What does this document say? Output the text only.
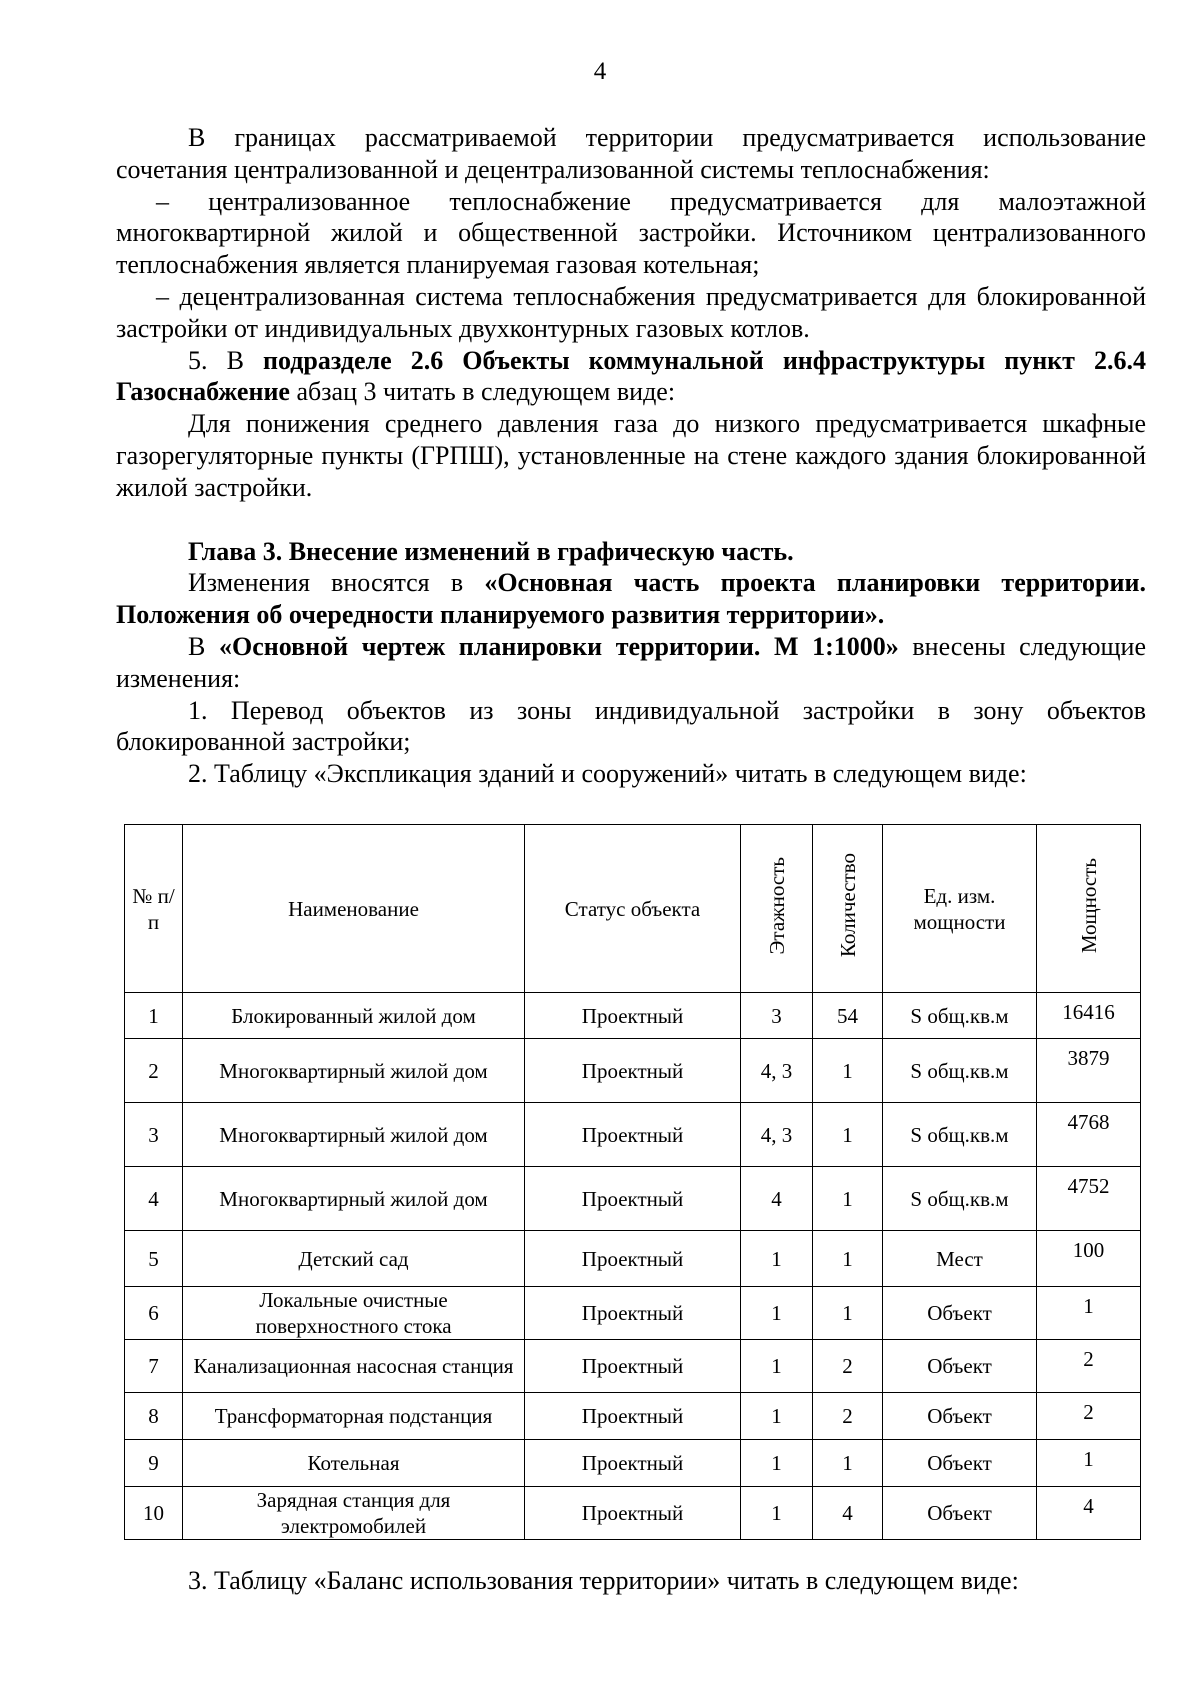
4

В границах рассматриваемой территории предусматривается использование сочетания централизованной и децентрализованной системы теплоснабжения:

– централизованное теплоснабжение предусматривается для малоэтажной многоквартирной жилой и общественной застройки. Источником централизованного теплоснабжения является планируемая газовая котельная;

– децентрализованная система теплоснабжения предусматривается для блокированной застройки от индивидуальных двухконтурных газовых котлов.

5. В подразделе 2.6 Объекты коммунальной инфраструктуры пункт 2.6.4 Газоснабжение абзац 3 читать в следующем виде:

Для понижения среднего давления газа до низкого предусматривается шкафные газорегуляторные пункты (ГРПШ), установленные на стене каждого здания блокированной жилой застройки.

Глава 3. Внесение изменений в графическую часть.

Изменения вносятся в «Основная часть проекта планировки территории. Положения об очередности планируемого развития территории».

В «Основной чертеж планировки территории. М 1:1000» внесены следующие изменения:

1. Перевод объектов из зоны индивидуальной застройки в зону объектов блокированной застройки;

2. Таблицу «Экспликация зданий и сооружений» читать в следующем виде:

№ п/п	Наименование	Статус объекта	Этажность	Количество	Ед. изм. мощности	Мощность
1	Блокированный жилой дом	Проектный	3	54	S общ.кв.м	16416
2	Многоквартирный жилой дом	Проектный	4, 3	1	S общ.кв.м	3879
3	Многоквартирный жилой дом	Проектный	4, 3	1	S общ.кв.м	4768
4	Многоквартирный жилой дом	Проектный	4	1	S общ.кв.м	4752
5	Детский сад	Проектный	1	1	Мест	100
6	Локальные очистные поверхностного стока	Проектный	1	1	Объект	1
7	Канализационная насосная станция	Проектный	1	2	Объект	2
8	Трансформаторная подстанция	Проектный	1	2	Объект	2
9	Котельная	Проектный	1	1	Объект	1
10	Зарядная станция для электромобилей	Проектный	1	4	Объект	4
3. Таблицу «Баланс использования территории» читать в следующем виде:
